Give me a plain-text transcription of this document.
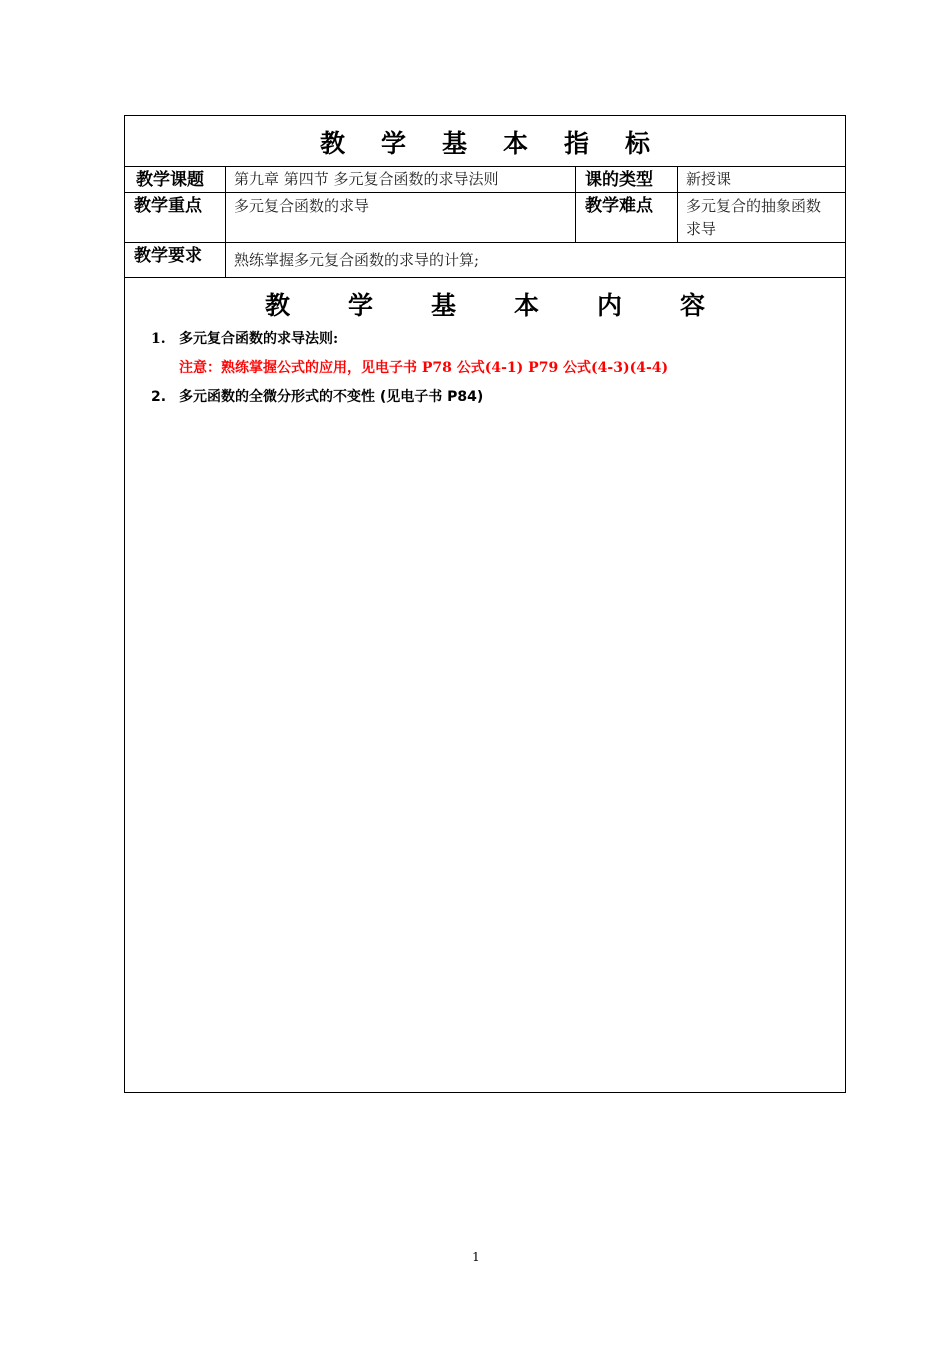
教 学 基 本 指 标
教学课题 第九章 第四节 多元复合函数的求导法则	课的类型 新授课
教学重点 多元复合函数的求导	教学难点 多元复合的抽象函数
求导
教学要求 熟练掌握多元复合函数的求导的计算;
教 学 基 本 内 容
1. 多元复合函数的求导法则:
注意：熟练掌握公式的应用，见电子书 P78 公式(4-1) P79 公式(4-3)(4-4)
2. 多元函数的全微分形式的不变性 (见电子书 P84)
1
